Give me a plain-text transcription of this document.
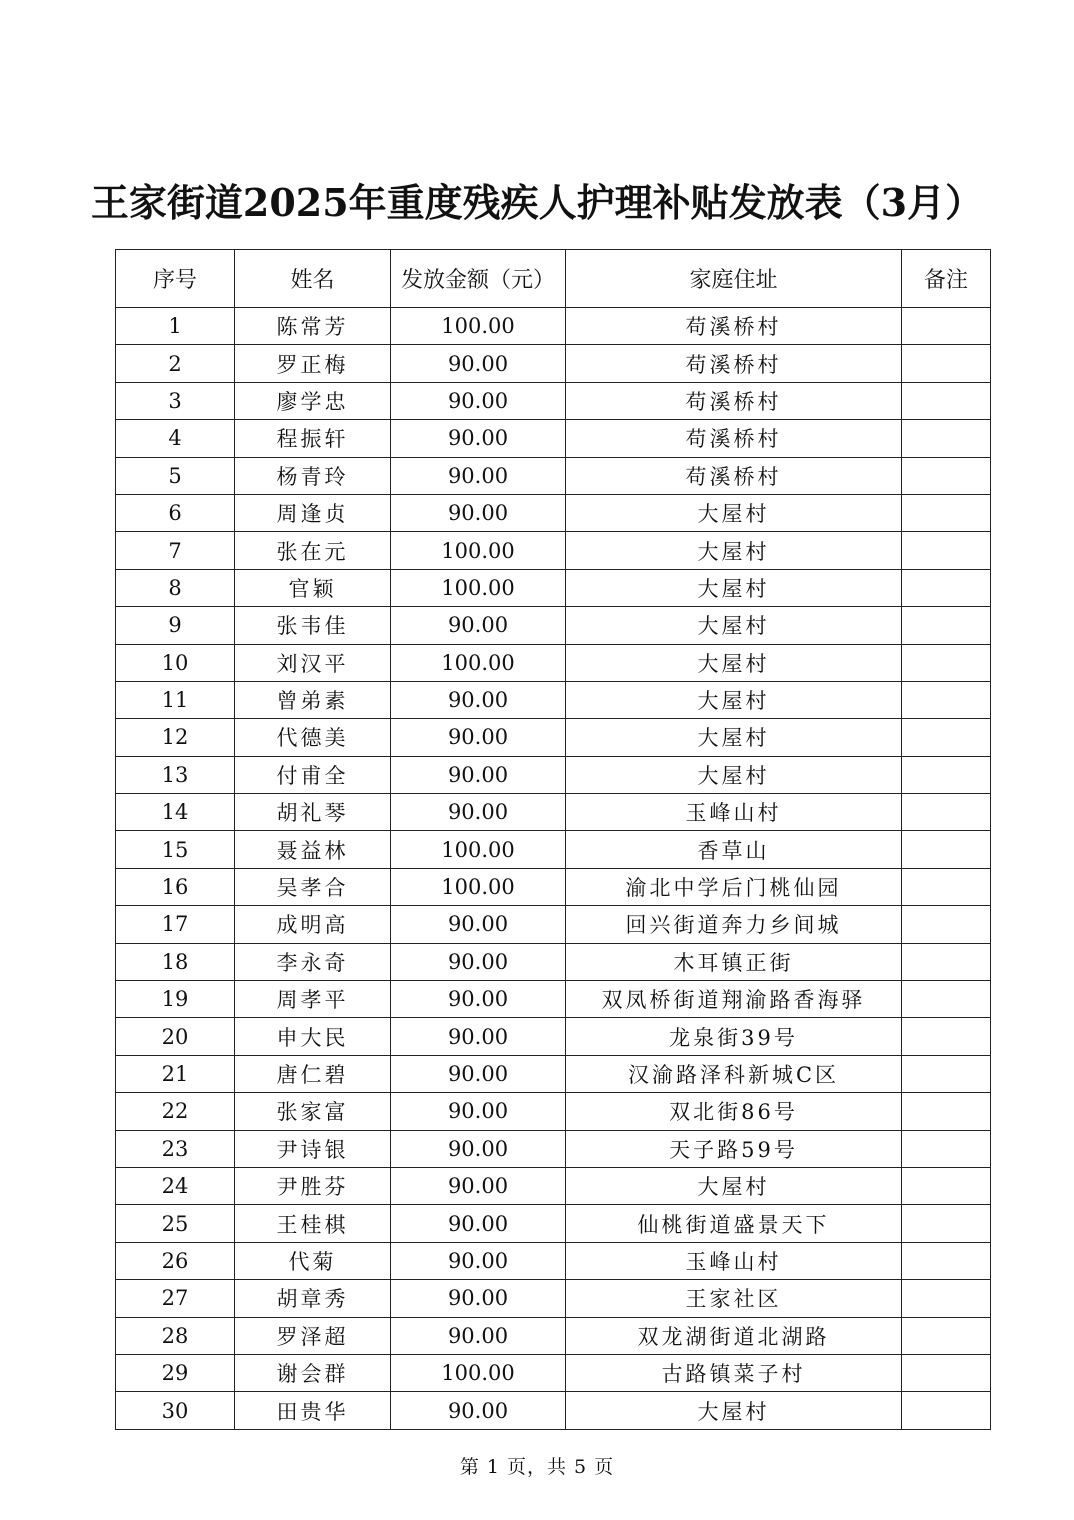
王家街道2025年重度残疾人护理补贴发放表（3月）
序号	姓名	发放金额（元）	家庭住址	备注
1	陈常芳	100.00	苟溪桥村	
2	罗正梅	90.00	苟溪桥村	
3	廖学忠	90.00	苟溪桥村	
4	程振轩	90.00	苟溪桥村	
5	杨青玲	90.00	苟溪桥村	
6	周逢贞	90.00	大屋村	
7	张在元	100.00	大屋村	
8	官颖	100.00	大屋村	
9	张韦佳	90.00	大屋村	
10	刘汉平	100.00	大屋村	
11	曾弟素	90.00	大屋村	
12	代德美	90.00	大屋村	
13	付甫全	90.00	大屋村	
14	胡礼琴	90.00	玉峰山村	
15	聂益林	100.00	香草山	
16	吴孝合	100.00	渝北中学后门桃仙园	
17	成明高	90.00	回兴街道奔力乡间城	
18	李永奇	90.00	木耳镇正街	
19	周孝平	90.00	双凤桥街道翔渝路香海驿	
20	申大民	90.00	龙泉街39号	
21	唐仁碧	90.00	汉渝路泽科新城C区	
22	张家富	90.00	双北街86号	
23	尹诗银	90.00	天子路59号	
24	尹胜芬	90.00	大屋村	
25	王桂棋	90.00	仙桃街道盛景天下	
26	代菊	90.00	玉峰山村	
27	胡章秀	90.00	王家社区	
28	罗泽超	90.00	双龙湖街道北湖路	
29	谢会群	100.00	古路镇菜子村	
30	田贵华	90.00	大屋村	
第 1 页，共 5 页
